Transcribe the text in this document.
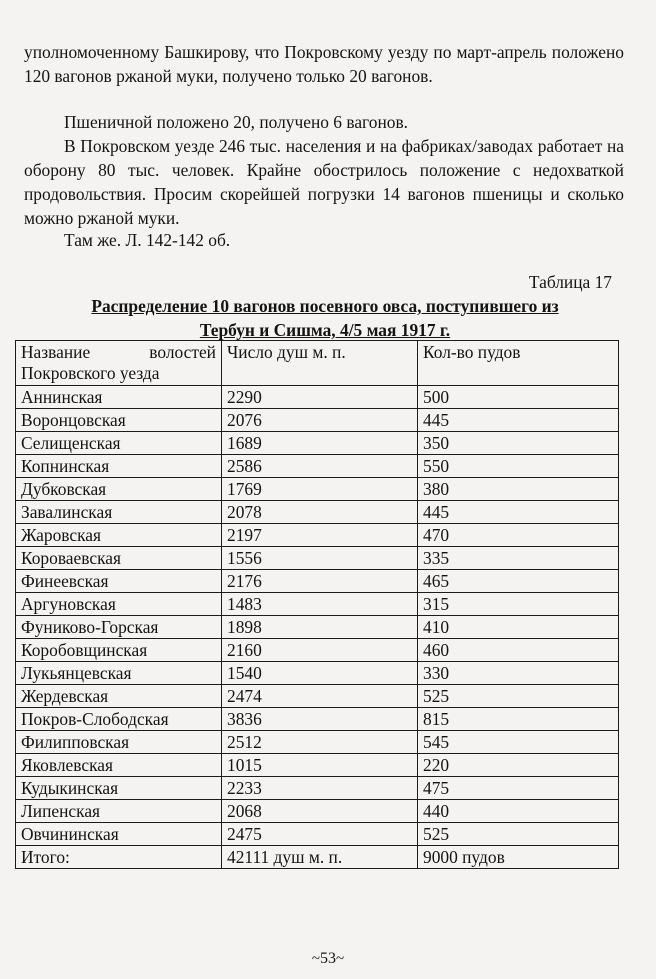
уполномоченному Башкирову, что Покровскому уезду по март-апрель положено 120 вагонов ржаной муки, получено только 20 вагонов.

Пшеничной положено 20, получено 6 вагонов.

В Покровском уезде 246 тыс. населения и на фабриках/заводах работает на оборону 80 тыс. человек. Крайне обострилось положение с недохваткой продовольствия. Просим скорейшей погрузки 14 вагонов пшеницы и сколько можно ржаной муки.

Там же. Л. 142-142 об.

Таблица 17
Распределение 10 вагонов посевного овса, поступившего из
Тербун и Сишма, 4/5 мая 1917 г.
Название волостей
Покровского уезда	Число душ м. п.	Кол-во пудов
Аннинская	2290	500
Воронцовская	2076	445
Селищенская	1689	350
Копнинская	2586	550
Дубковская	1769	380
Завалинская	2078	445
Жаровская	2197	470
Короваевская	1556	335
Финеевская	2176	465
Аргуновская	1483	315
Фуниково-Горская	1898	410
Коробовщинская	2160	460
Лукьянцевская	1540	330
Жердевская	2474	525
Покров-Слободская	3836	815
Филипповская	2512	545
Яковлевская	1015	220
Кудыкинская	2233	475
Липенская	2068	440
Овчининская	2475	525
Итого:	42111 душ м. п.	9000 пудов
~53~
